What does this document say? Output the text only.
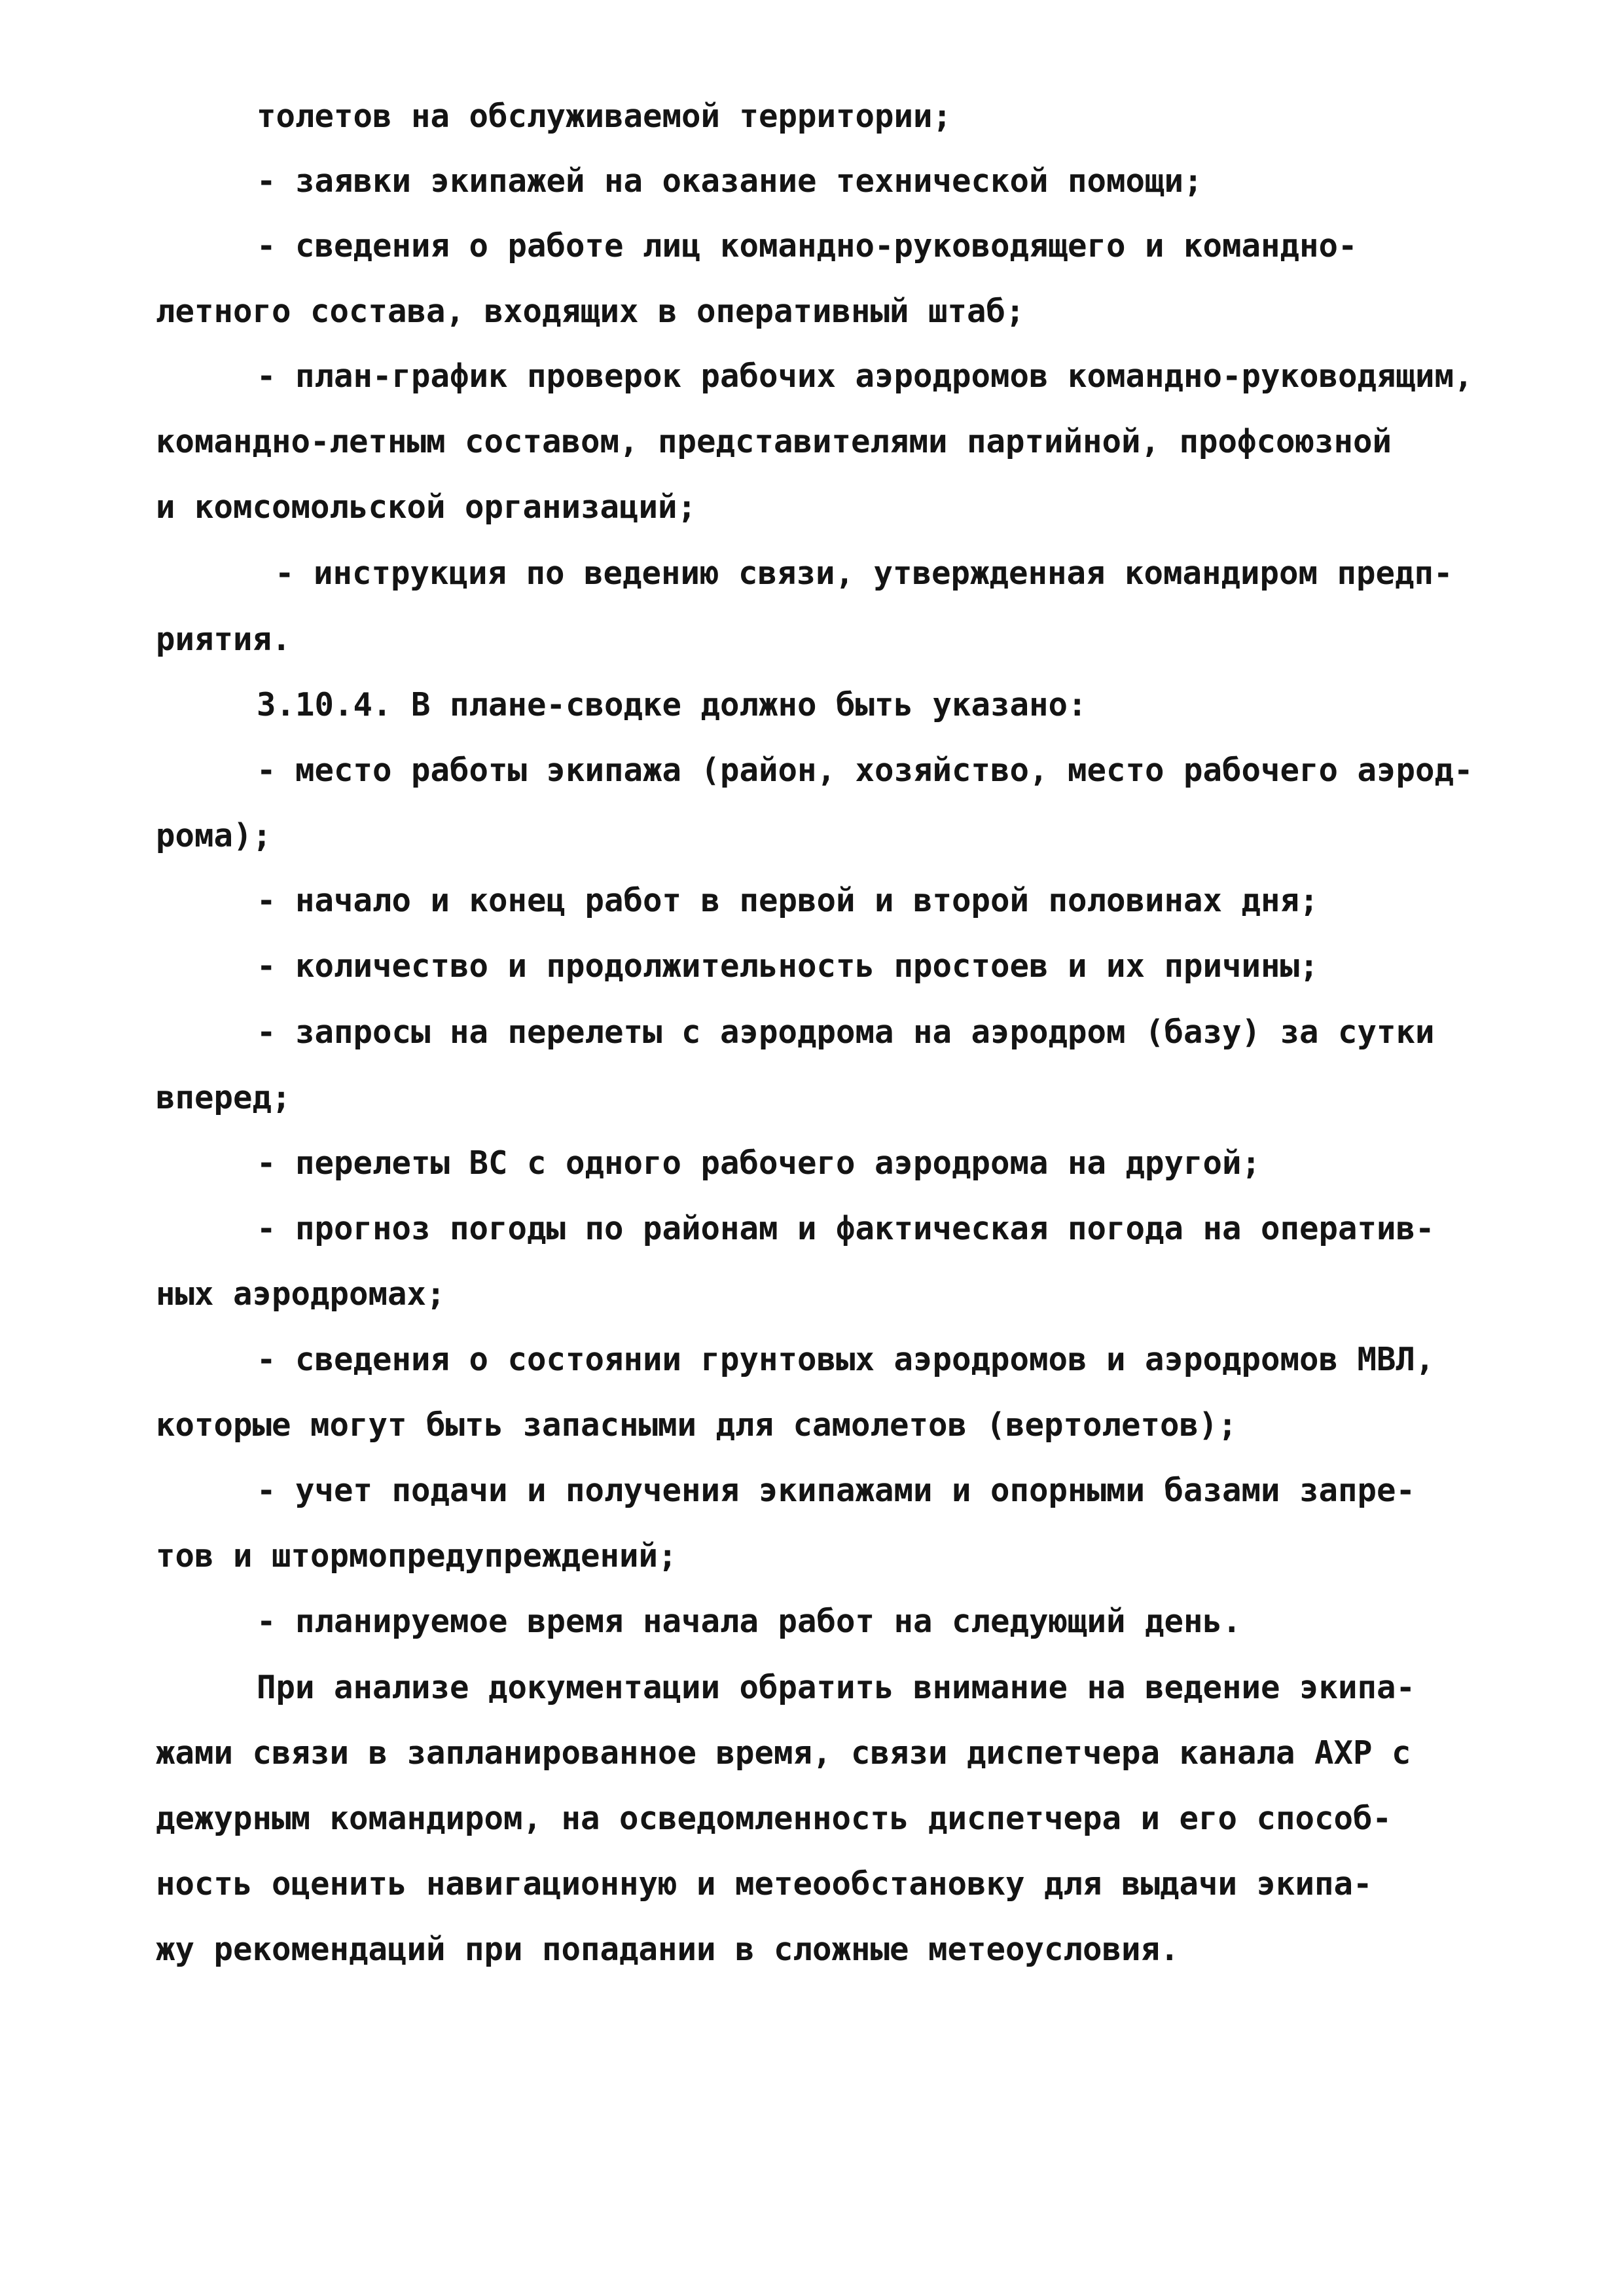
толетов на обслуживаемой территории;
- заявки экипажей на оказание технической помощи;
- сведения о работе лиц командно-руководящего и командно-
летного состава, входящих в оперативный штаб;
- план-график проверок рабочих аэродромов командно-руководящим,
командно-летным составом, представителями партийной, профсоюзной
и комсомольской организаций;
- инструкция по ведению связи, утвержденная командиром предп-
риятия.
3.10.4. В плане-сводке должно быть указано:
- место работы экипажа (район, хозяйство, место рабочего аэрод-
рома);
- начало и конец работ в первой и второй половинах дня;
- количество и продолжительность простоев и их причины;
- запросы на перелеты с аэродрома на аэродром (базу) за сутки
вперед;
- перелеты ВС с одного рабочего аэродрома на другой;
- прогноз погоды по районам и фактическая погода на оператив-
ных аэродромах;
- сведения о состоянии грунтовых аэродромов и аэродромов МВЛ,
которые могут быть запасными для самолетов (вертолетов);
- учет подачи и получения экипажами и опорными базами запре-
тов и штормопредупреждений;
- планируемое время начала работ на следующий день.
При анализе документации обратить внимание на ведение экипа-
жами связи в запланированное время, связи диспетчера канала АХР с
дежурным командиром, на осведомленность диспетчера и его способ-
ность оценить навигационную и метеообстановку для выдачи экипа-
жу рекомендаций при попадании в сложные метеоусловия.
